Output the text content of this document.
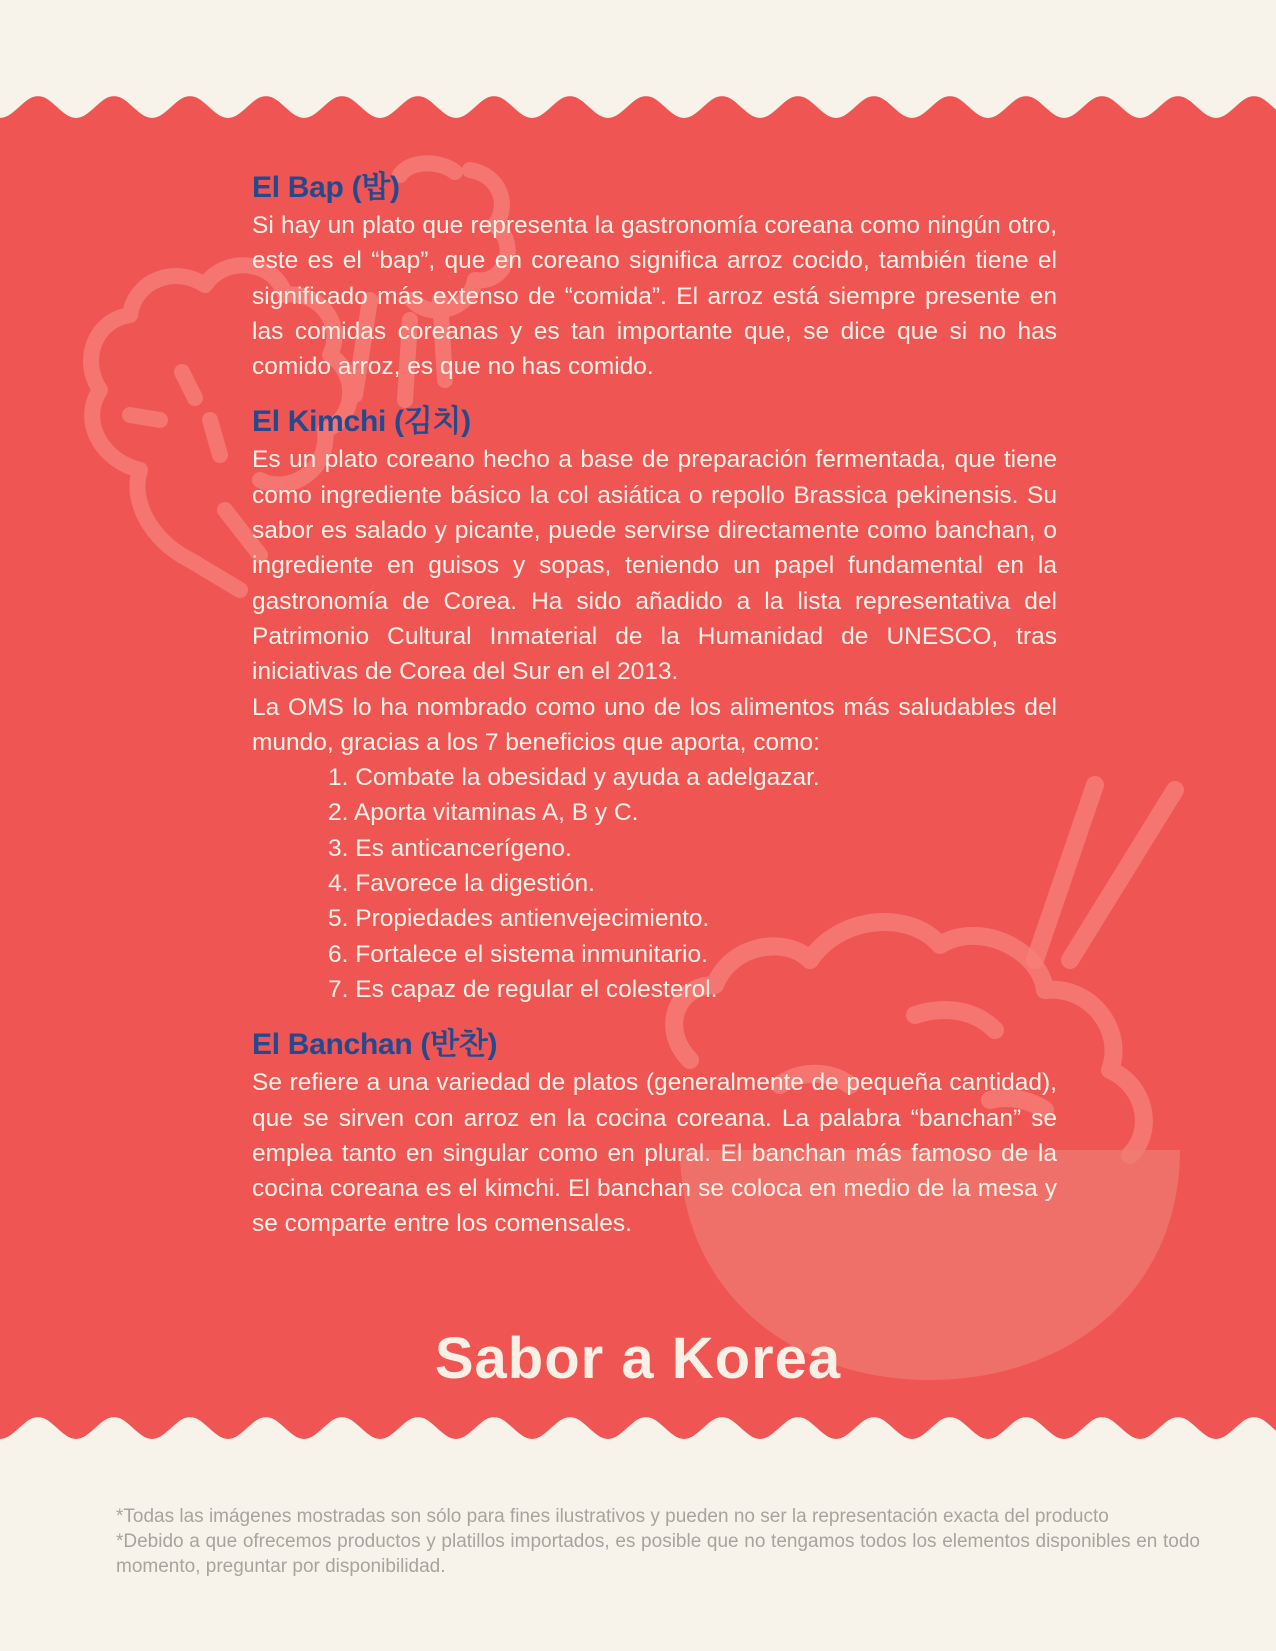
El Bap (밥)

Si hay un plato que representa la gastronomía coreana como ningún otro, este es el “bap”, que en coreano significa arroz cocido, también tiene el significado más extenso de “comida”. El arroz está siempre presente en las comidas coreanas y es tan importante que, se dice que si no has comido arroz, es que no has comido.

El Kimchi (김치)

Es un plato coreano hecho a base de preparación fermentada, que tiene como ingrediente básico la col asiática o repollo Brassica pekinensis. Su sabor es salado y picante, puede servirse directamente como banchan, o ingrediente en guisos y sopas, teniendo un papel fundamental en la gastronomía de Corea. Ha sido añadido a la lista representativa del Patrimonio Cultural Inmaterial de la Humanidad de UNESCO, tras iniciativas de Corea del Sur en el 2013.

La OMS lo ha nombrado como uno de los alimentos más saludables del mundo, gracias a los 7 beneficios que aporta, como:

1. Combate la obesidad y ayuda a adelgazar.
2. Aporta vitaminas A, B y C.
3. Es anticancerígeno.
4. Favorece la digestión.
5. Propiedades antienvejecimiento.
6. Fortalece el sistema inmunitario.
7. Es capaz de regular el colesterol.
El Banchan (반찬)

Se refiere a una variedad de platos (generalmente de pequeña cantidad), que se sirven con arroz en la cocina coreana. La palabra “banchan” se emplea tanto en singular como en plural. El banchan más famoso de la cocina coreana es el kimchi. El banchan se coloca en medio de la mesa y se comparte entre los comensales.

Sabor a Korea

*Todas las imágenes mostradas son sólo para fines ilustrativos y pueden no ser la representación exacta del producto

*Debido a que ofrecemos productos y platillos importados, es posible que no tengamos todos los elementos disponibles en todo momento, preguntar por disponibilidad.
